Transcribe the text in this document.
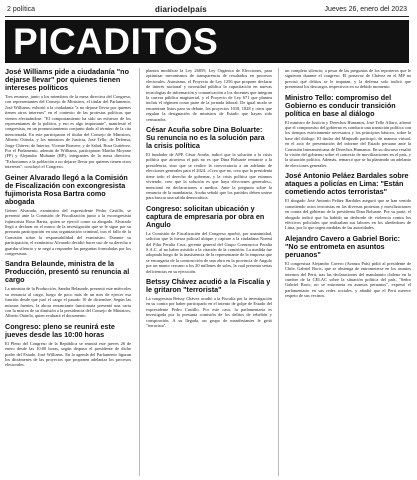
2 política	diariodelpaís	Jueves 26, enero del 2023
PICADITOS
José Williams pide a ciudadanía "no dejarse llevar" por quienes tienen intereses políticos

Tres reunirse, junto a los miembros de la mesa directiva del Congreso, con representantes del Consejo de Ministros, el titular del Parlamento, José Williams, exhortó a la ciudadanía "a no dejarse llevar por quienes tienen otros intereses" en el contexto de las protestas políticas que vienen efectuándose. "El comportamiento ha sido un esfuerzo de los representantes de la política, y eso es algo importante", manifestó el congresista, en un pronunciamiento conjunto dado al término de la cita mencionada. En este participaron el titular del Consejo de Ministros, Alberto Otárola, y los ministros de Justicia, José Tello; de Defensa, Jorge Chávez; de Interior, Vicente Romero; y de Salud, Rosa Gutiérrez. Por el Parlamento, además de Williams, participaron Martha Moyano (FP) y Alejandro Muñante (RP), integrantes de la mesa directiva. "Exhortamos a la población a no dejarse llevar por quienes tienen otros intereses", concluyó el Congreso.

Geiner Alvarado llegó a la Comisión de Fiscalización con excongresista fujimorista Rosa Bartra como abogada

Geiner Alvarado, exministro del expresidente Pedro Castillo, se presentó ante la Comisión de Fiscalización junto a la excongresista fujimorista Rosa Bartra, quien se ejerció como su abogada. Alvarado llegó a declarar en el marco de la investigación que se le sigue por su presunta participación en una organización criminal, tras el fallo de la Comisión sobre la responsabilidad del exministro. Durante su participación, el exministro Alvarado decidió hacer uso de su derecho a guardar silencio y se negó a responder las preguntas formuladas por los congresistas.

Sandra Belaunde, ministra de la Producción, presentó su renuncia al cargo

La ministra de la Producción, Sandra Belaunde, presentó este miércoles su renuncia al cargo, luego de poco más de un mes de ejercer esa función desde que juró el cargo el pasado 10 de diciembre. Según las mismas fuentes, la ahora renunciante funcionaria presentó una carta con la misiva de su dimisión a la presidencia del Consejo de Ministros, Alberto Otárola, quien evaluará el documento.

Congreso: pleno se reunirá este jueves desde las 10:00 horas

El Pleno del Congreso de la República se reunirá este jueves 26 de enero desde las 10:00 horas, según dispuso el presidente de dicho poder del Estado, José Williams. En la agenda del Parlamento figuran los dictámenes de las proyectos que proponen adelantar los procesos electorales.

plantea modificar la Ley 26859, Ley Orgánica de Elecciones, para optimizar mecanismos de transparencia de resultados en procesos electorales. Asimismo, el Proyecto de Ley 1256 que propone declarar de interés nacional y necesidad pública la capacitación en nuevas tecnologías de información y comunicación a los docentes que integran la carrera pública magisterial, y el Proyecto de Ley 671 que plantea incluir el régimen como parte de la jornada laboral. De igual modo se encuentran listos para su debate, los proyectos 1018, 1828 y otros que regulan la designación de ministros de Estado que hayan sido censurados.

César Acuña sobre Dina Boluarte: Su renuncia no es la solución para la crisis política

El fundador de APP, César Acuña, indicó que la solución a la crisis política que atraviesa el país no es que Dina Boluarte renuncie a la presidencia, sino que se realice la convocatoria a un adelanto de elecciones generales para el 2024. «Creo que no, creo que la presidenta tiene todo el derecho de gobernar, y la crisis política que estamos viviendo, creo que la solución es que haya elecciones generales», mencionó en declaraciones a medios. Ante la pregunta sobre la renuncia de la mandataria, Acuña señaló que los partidos deben unirse para buscar una salida democrática.

Congreso: solicitan ubicación y captura de empresaria por obra en Angulo

La Comisión de Fiscalización del Congreso aprobó, por unanimidad, solicitar que la fuerza policial ubique y capture a la ciudadana Noemí del Pilar Peralta Cruz, gerente general del Grupo Constructor Peralta S.A.C. al no haber asistido a la citación de la comisión. La medida fue adoptada luego de la inasistencia de la representante de la empresa que se encargaría de la construcción de una obra en la provincia de Angulo por un monto cercano a los 20 millones de soles, la cual presenta serias deficiencias en su ejecución.

Betssy Chávez acudió a la Fiscalía y le gritaron "terrorista"

La congresista Betssy Chávez acudió a la Fiscalía por la investigación en su contra por haber participado en el intento de golpe de Estado del expresidente Pedro Castillo. Por este caso, la parlamentaria es investigada por la presunta comisión de los delitos de rebelión y conspiración. A su llegada, un grupo de manifestantes le gritó "terrorista".

un completo silencio; a pesar de las preguntas de los reporteros que le siguieron durante el congreso. El portavoz de Chávez en el MP no precisó qué delitos se le imputan, y la defensa solo indicó que presentará los descargos respectivos en su debido momento.

Ministro Tello: compromiso del Gobierno es conducir transición política en base al diálogo

El ministro de Justicia y Derechos Humanos, José Tello Alfaro, afirmó que el compromiso del gobierno es conducir una transición política con los tiempos estrictamente necesarios y los principios básicos, sobre la base del diálogo. El titular del Minjusdh participó, de manera virtual, en el acto de presentación del informe del Estado peruano ante la Comisión Interamericana de Derechos Humanos. En su discurso resaltó la visión del gobierno sobre el contexto de movilizaciones en el país, y la situación política. Además, remarcó que se ha planteado un adelanto de elecciones generales.

José Antonio Peláez Bardales sobre ataques a policías en Lima: "Están cometiendo actos terroristas"

El abogado José Antonio Peláez Bardales aseguró que se han venido cometiendo actos terroristas en las diversas protestas y movilizaciones en contra del gobierno de la presidenta Dina Boluarte. Por su parte, el abogado indicó que ha habido un desborde de violencia contra los efectivos policiales que realizaban sus labores en los alrededores de Lima, por lo que urgen medidas de las autoridades.

Alejandro Cavero a Gabriel Boric: "No se entrometa en asuntos peruanos"

El congresista Alejandro Cavero (Avanza País) pidió al presidente de Chile, Gabriel Boric, que se abstenga de entrometerse en los asuntos internos del Perú, tras las declaraciones del mandatario chileno en la cumbre de la CELAC sobre la situación política del país. "Señor Gabriel Boric, no se entrometa en asuntos peruanos", expresó el parlamentario en sus redes sociales, y añadió que el Perú merece respeto de sus vecinos.
